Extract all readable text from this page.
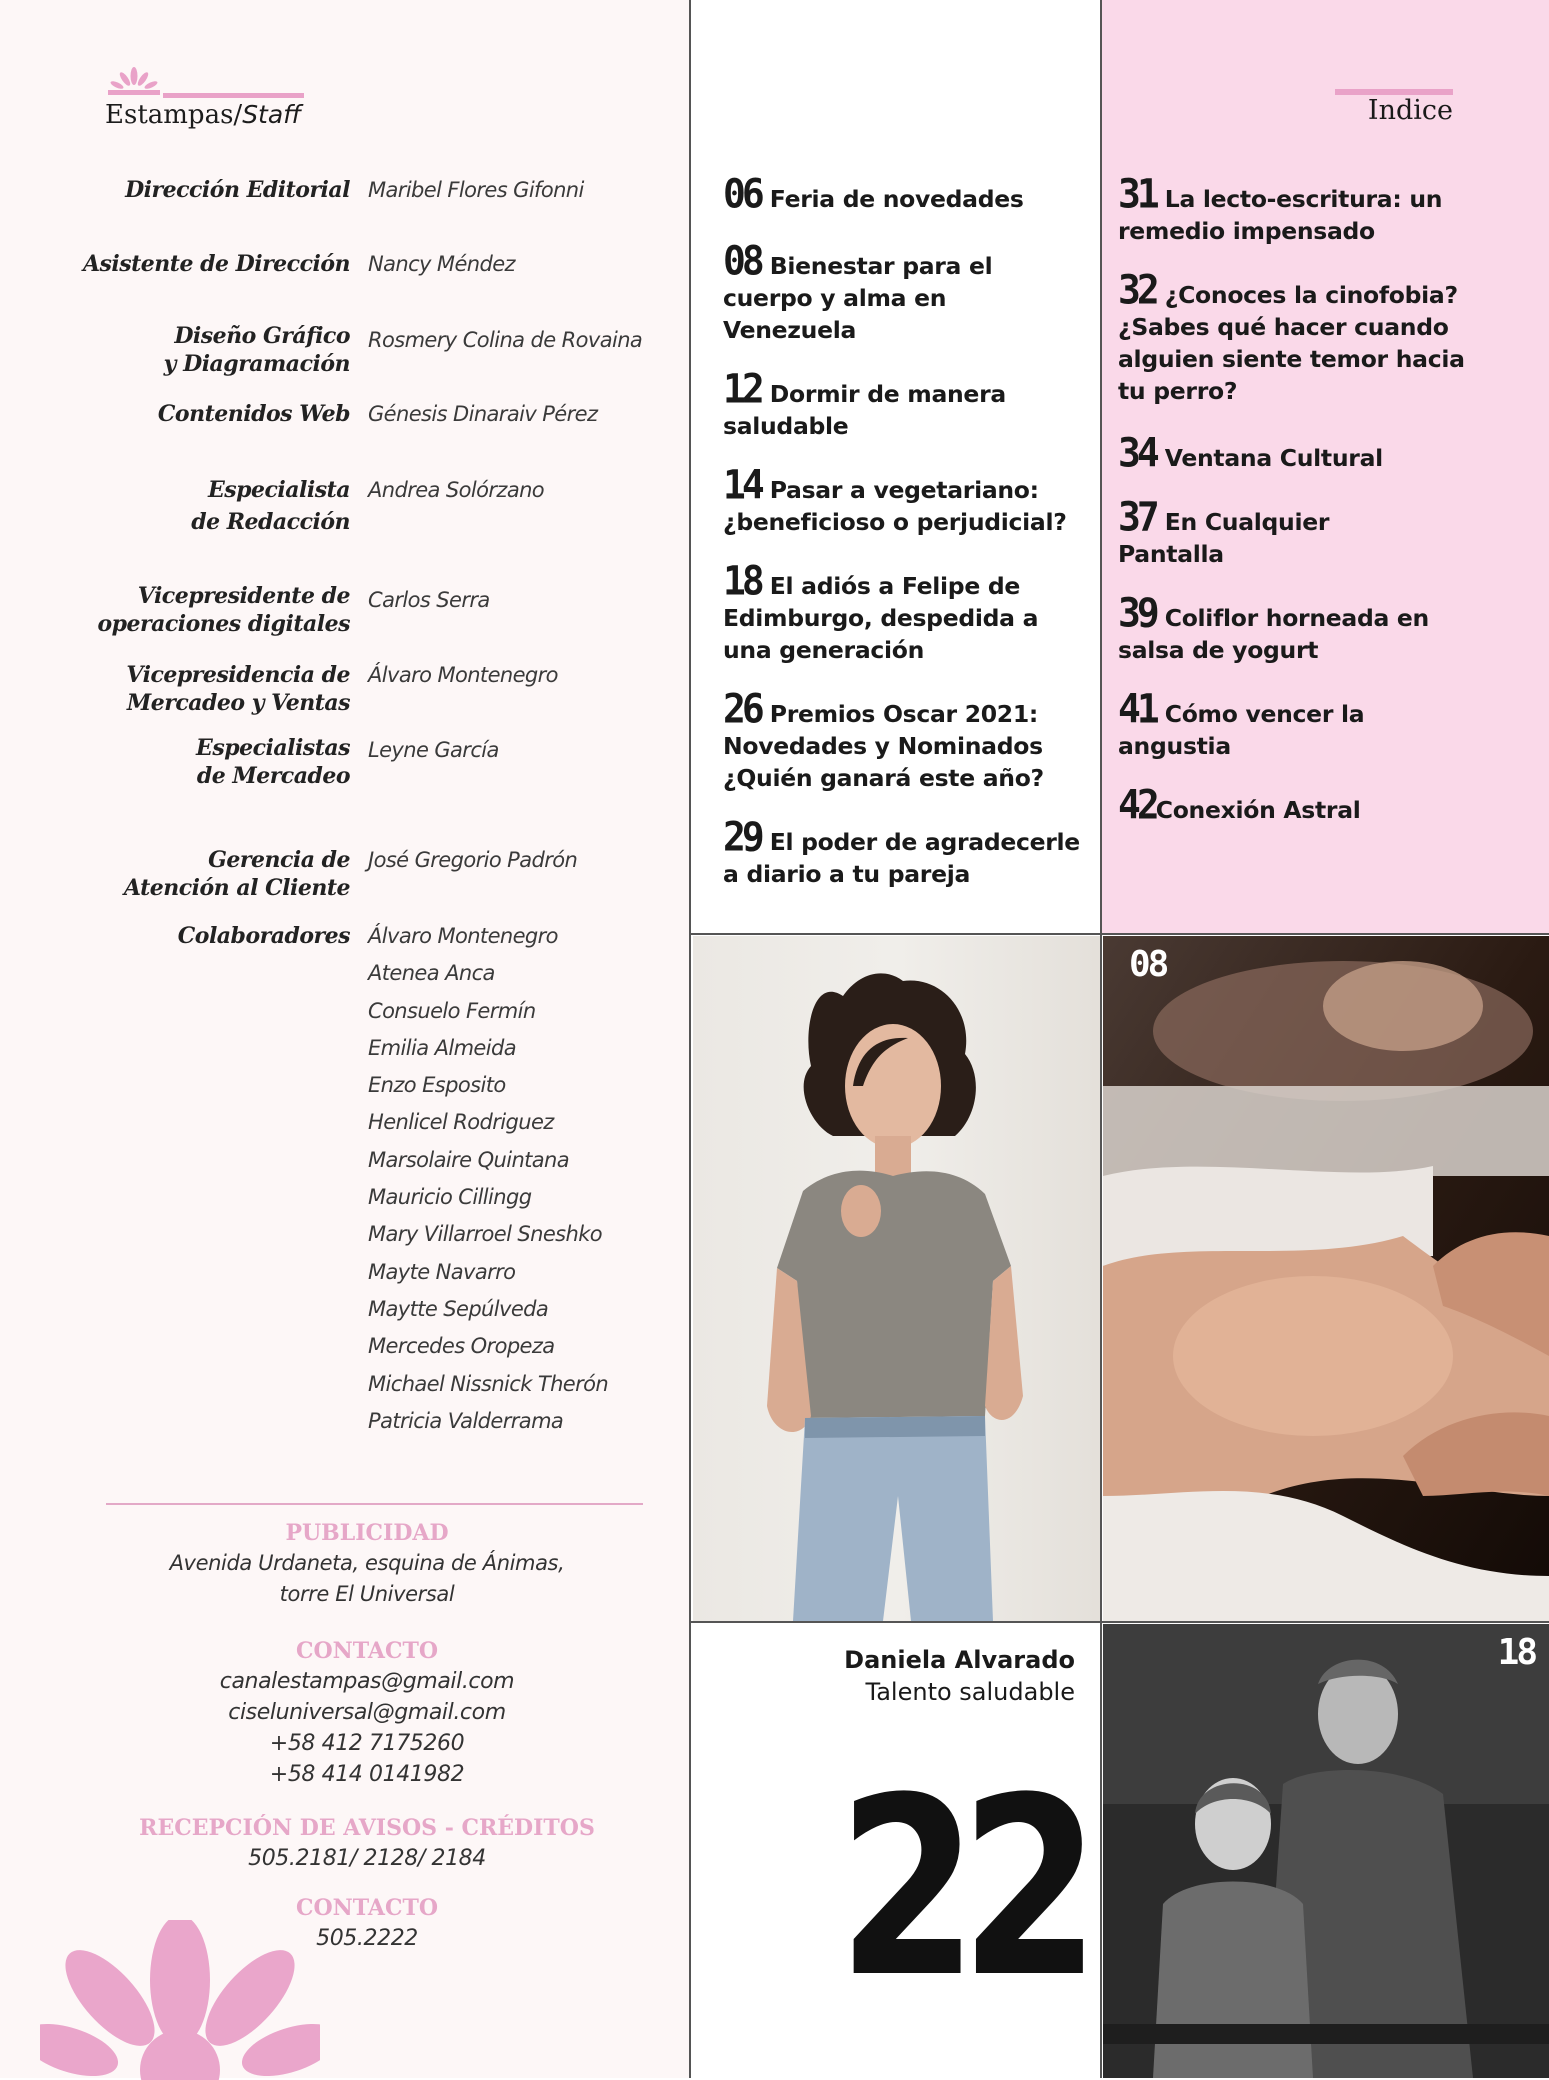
Estampas/Staff
Dirección Editorial Maribel Flores Gifonni
Asistente de Dirección Nancy Méndez
Diseño Gráfico
y Diagramación
Rosmery Colina de Rovaina
Contenidos Web Génesis Dinaraiv Pérez
Especialista
de Redacción
Andrea Solórzano
Vicepresidente de
operaciones digitales
Carlos Serra
Vicepresidencia de
Mercadeo y Ventas
Álvaro Montenegro
Especialistas
de Mercadeo
Leyne García
Gerencia de
Atención al Cliente
José Gregorio Padrón
Colaboradores Álvaro Montenegro
Atenea Anca
Consuelo Fermín
Emilia Almeida
Enzo Esposito
Henlicel Rodriguez
Marsolaire Quintana
Mauricio Cillingg
Mary Villarroel Sneshko
Mayte Navarro
Maytte Sepúlveda
Mercedes Oropeza
Michael Nissnick Therón
Patricia Valderrama
PUBLICIDAD
Avenida Urdaneta, esquina de Ánimas,
torre El Universal
CONTACTO
canalestampas@gmail.com
ciseluniversal@gmail.com
+58 412 7175260
+58 414 0141982
RECEPCIÓN DE AVISOS - CRÉDITOS
505.2181/ 2128/ 2184
CONTACTO
505.2222
Indice
06 Feria de novedades
08 Bienestar para el
cuerpo y alma en
Venezuela
12 Dormir de manera
saludable
14 Pasar a vegetariano:
¿beneficioso o perjudicial?
18 El adiós a Felipe de
Edimburgo, despedida a
una generación
26 Premios Oscar 2021:
Novedades y Nominados
¿Quién ganará este año?
29 El poder de agradecerle
a diario a tu pareja
31 La lecto-escritura: un
remedio impensado
32 ¿Conoces la cinofobia?
¿Sabes qué hacer cuando
alguien siente temor hacia
tu perro?
34 Ventana Cultural
37 En Cualquier
Pantalla
39 Coliflor horneada en
salsa de yogurt
41 Cómo vencer la
angustia
42Conexión Astral
08
18
Daniela Alvarado
Talento saludable
22
